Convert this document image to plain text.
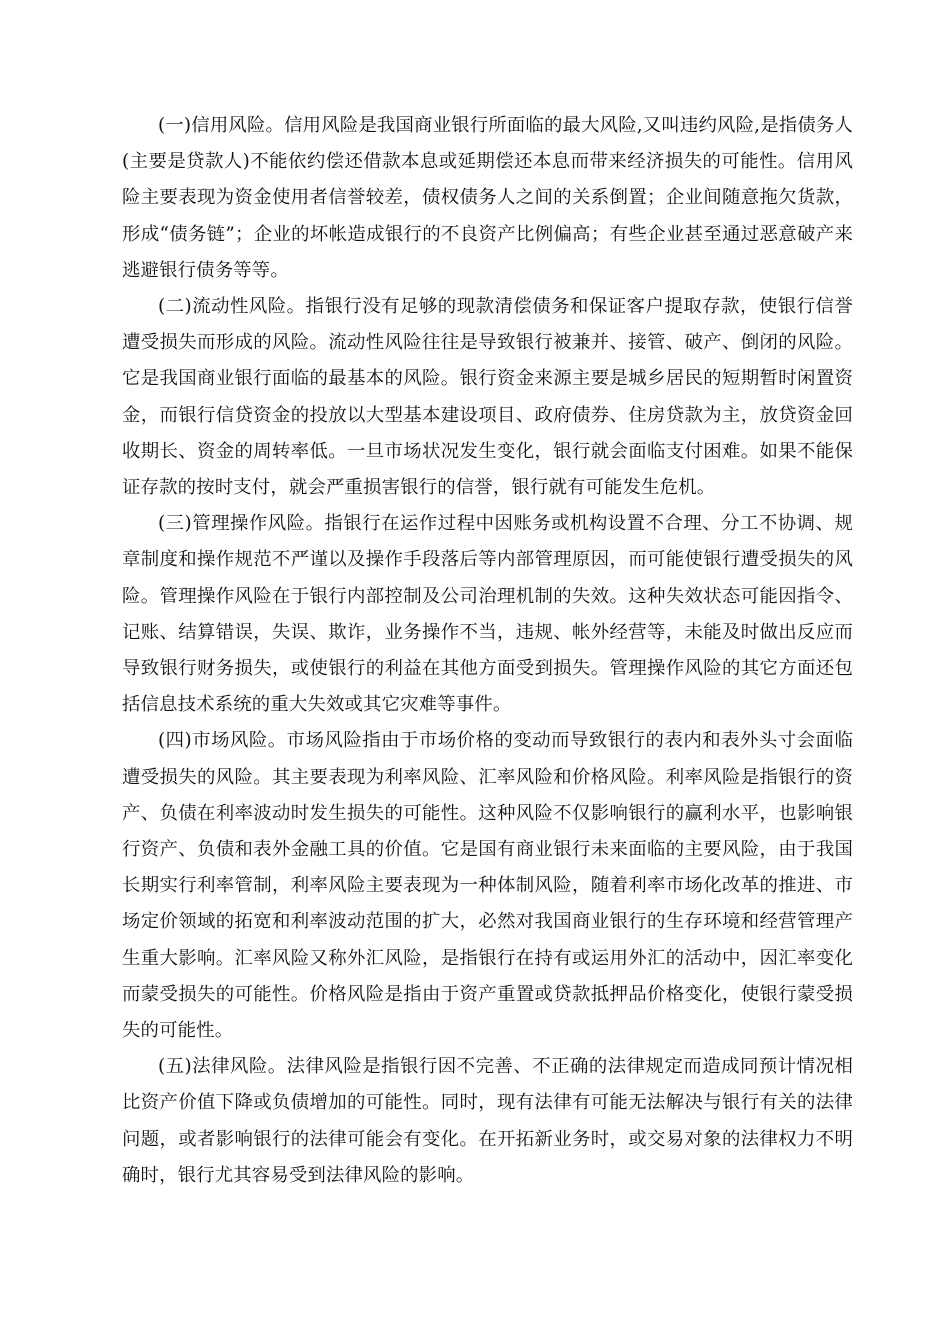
(一)信用风险。信用风险是我国商业银行所面临的最大风险,又叫违约风险,是指债务人(主要是贷款人)不能依约偿还借款本息或延期偿还本息而带来经济损失的可能性。信用风险主要表现为资金使用者信誉较差，债权债务人之间的关系倒置；企业间随意拖欠货款，形成“债务链”；企业的坏帐造成银行的不良资产比例偏高；有些企业甚至通过恶意破产来逃避银行债务等等。

(二)流动性风险。指银行没有足够的现款清偿债务和保证客户提取存款，使银行信誉遭受损失而形成的风险。流动性风险往往是导致银行被兼并、接管、破产、倒闭的风险。它是我国商业银行面临的最基本的风险。银行资金来源主要是城乡居民的短期暂时闲置资金，而银行信贷资金的投放以大型基本建设项目、政府债券、住房贷款为主，放贷资金回收期长、资金的周转率低。一旦市场状况发生变化，银行就会面临支付困难。如果不能保证存款的按时支付，就会严重损害银行的信誉，银行就有可能发生危机。

(三)管理操作风险。指银行在运作过程中因账务或机构设置不合理、分工不协调、规章制度和操作规范不严谨以及操作手段落后等内部管理原因，而可能使银行遭受损失的风险。管理操作风险在于银行内部控制及公司治理机制的失效。这种失效状态可能因指令、记账、结算错误，失误、欺诈，业务操作不当，违规、帐外经营等，未能及时做出反应而导致银行财务损失，或使银行的利益在其他方面受到损失。管理操作风险的其它方面还包括信息技术系统的重大失效或其它灾难等事件。

(四)市场风险。市场风险指由于市场价格的变动而导致银行的表内和表外头寸会面临遭受损失的风险。其主要表现为利率风险、汇率风险和价格风险。利率风险是指银行的资产、负债在利率波动时发生损失的可能性。这种风险不仅影响银行的赢利水平，也影响银行资产、负债和表外金融工具的价值。它是国有商业银行未来面临的主要风险，由于我国长期实行利率管制，利率风险主要表现为一种体制风险，随着利率市场化改革的推进、市场定价领域的拓宽和利率波动范围的扩大，必然对我国商业银行的生存环境和经营管理产生重大影响。汇率风险又称外汇风险，是指银行在持有或运用外汇的活动中，因汇率变化而蒙受损失的可能性。价格风险是指由于资产重置或贷款抵押品价格变化，使银行蒙受损失的可能性。

(五)法律风险。法律风险是指银行因不完善、不正确的法律规定而造成同预计情况相比资产价值下降或负债增加的可能性。同时，现有法律有可能无法解决与银行有关的法律问题，或者影响银行的法律可能会有变化。在开拓新业务时，或交易对象的法律权力不明确时，银行尤其容易受到法律风险的影响。
